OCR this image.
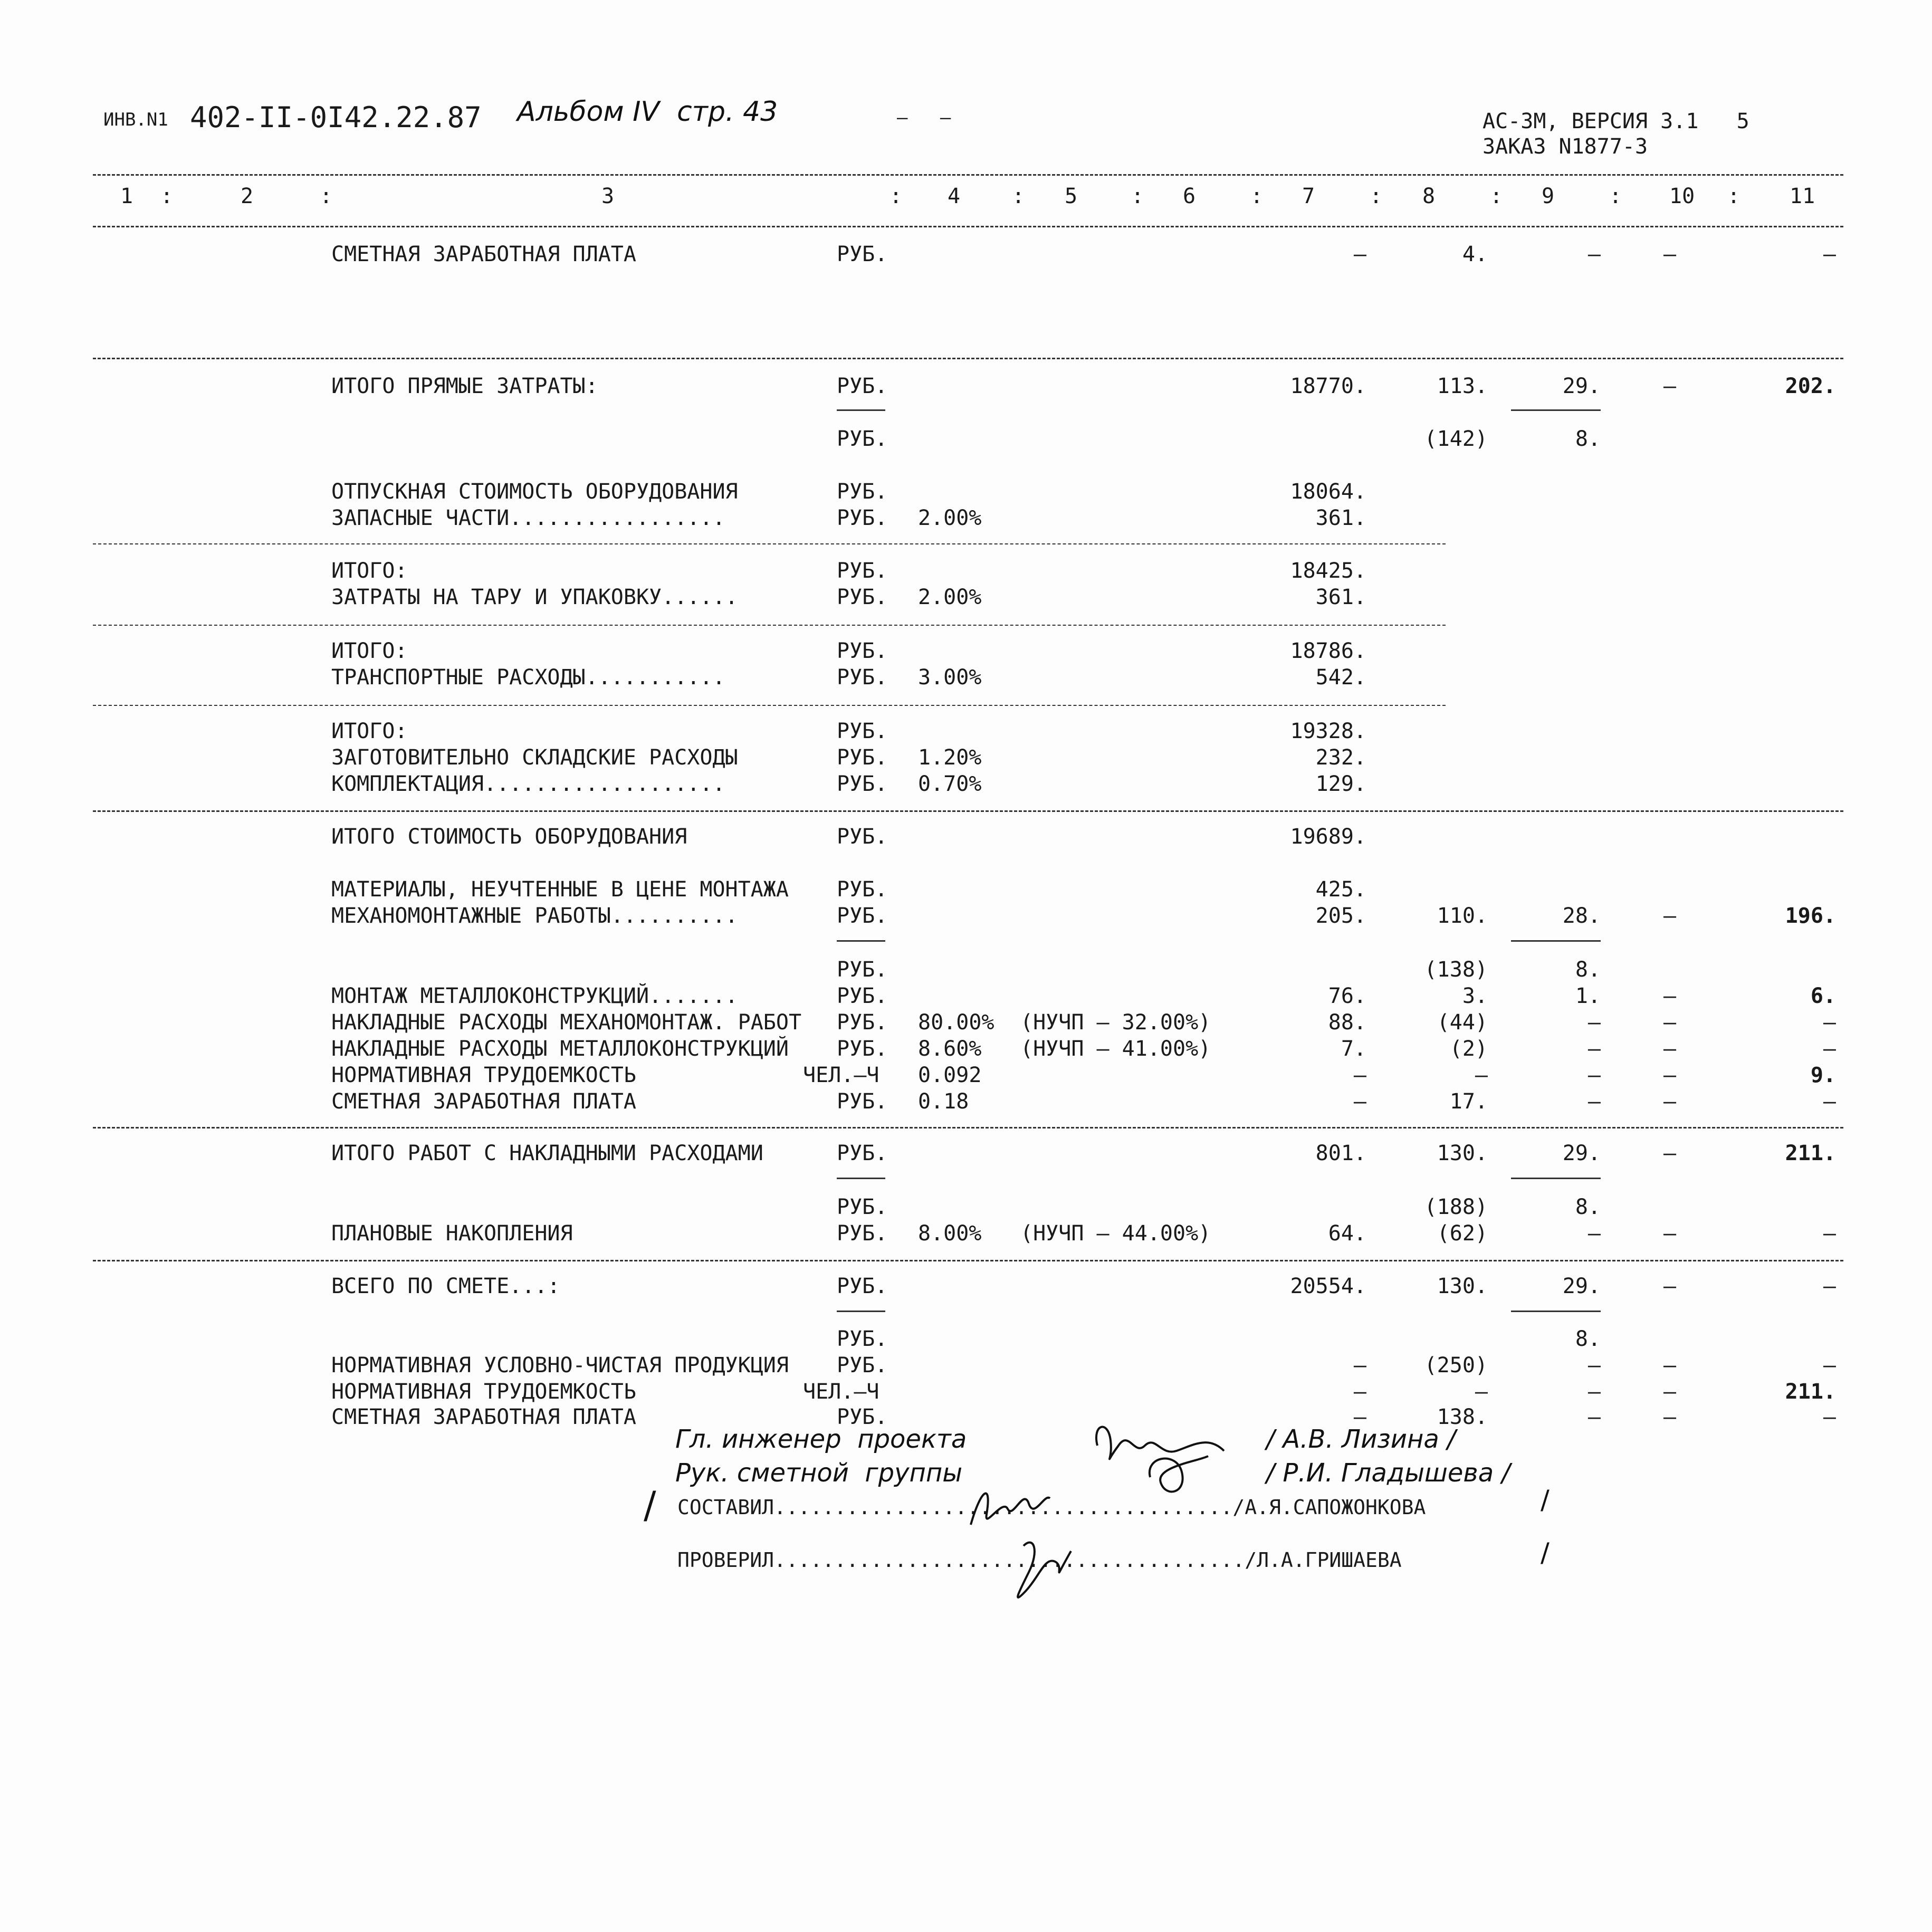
ИНВ.N1 402-II-0I42.22.87 Альбом IV  стр. 43	–   –	АС-3М, ВЕРСИЯ 3.1   5
ЗАКАЗ N1877-3
1 :	2	:	3	: 4 : 5	: 6	: 7	: 8	: 9	: 10 : 11
СМЕТНАЯ ЗАРАБОТНАЯ ПЛАТА	РУБ.	–	4.	–	–	–
ИТОГО ПРЯМЫЕ ЗАТРАТЫ:	РУБ.	18770.	113.	29.	–	202.
РУБ.	(142)	8.
ОТПУСКНАЯ СТОИМОСТЬ ОБОРУДОВАНИЯ	РУБ.	18064.
ЗАПАСНЫЕ ЧАСТИ.................	РУБ.	2.00%	361.
ИТОГО:	РУБ.	18425.
ЗАТРАТЫ НА ТАРУ И УПАКОВКУ......	РУБ.	2.00%	361.
ИТОГО:	РУБ.	18786.
ТРАНСПОРТНЫЕ РАСХОДЫ...........	РУБ.	3.00%	542.
ИТОГО:	РУБ.	19328.
ЗАГОТОВИТЕЛЬНО СКЛАДСКИЕ РАСХОДЫ	РУБ.	1.20%	232.
КОМПЛЕКТАЦИЯ...................	РУБ.	0.70%	129.
ИТОГО СТОИМОСТЬ ОБОРУДОВАНИЯ	РУБ.	19689.
МАТЕРИАЛЫ, НЕУЧТЕННЫЕ В ЦЕНЕ МОНТАЖА	РУБ.	425.
МЕХАНОМОНТАЖНЫЕ РАБОТЫ..........	РУБ.	205.	110.	28.	–	196.
РУБ.	(138)	8.
МОНТАЖ МЕТАЛЛОКОНСТРУКЦИЙ.......	РУБ.	76.	3.	1.	–	6.
НАКЛАДНЫЕ РАСХОДЫ МЕХАНОМОНТАЖ. РАБОТ	РУБ.	80.00%	(НУЧП – 32.00%)	88.	(44)	–	–	–
НАКЛАДНЫЕ РАСХОДЫ МЕТАЛЛОКОНСТРУКЦИЙ	РУБ.	8.60%	(НУЧП – 41.00%)	7.	(2)	–	–	–
НОРМАТИВНАЯ ТРУДОЕМКОСТЬ	ЧЕЛ.–Ч	0.092	–	–	–	–	9.
СМЕТНАЯ ЗАРАБОТНАЯ ПЛАТА	РУБ.	0.18	–	17.	–	–	–
ИТОГО РАБОТ С НАКЛАДНЫМИ РАСХОДАМИ	РУБ.	801.	130.	29.	–	211.
РУБ.	(188)	8.
ПЛАНОВЫЕ НАКОПЛЕНИЯ	РУБ.	8.00%	(НУЧП – 44.00%)	64.	(62)	–	–	–
ВСЕГО ПО СМЕТЕ...:	РУБ.	20554.	130.	29.	–	–
РУБ.	8.
НОРМАТИВНАЯ УСЛОВНО-ЧИСТАЯ ПРОДУКЦИЯ	РУБ.	–	(250)	–	–	–
НОРМАТИВНАЯ ТРУДОЕМКОСТЬ	ЧЕЛ.–Ч	–	–	–	–	211.
СМЕТНАЯ ЗАРАБОТНАЯ ПЛАТА	РУБ.	–	138.	–	–	–
Гл. инженер  проекта	/ А.В. Лизина /
Рук. сметной  группы	/ Р.И. Гладышева /
/ СОСТАВИЛ....................................../А.Я.САПОЖОНКОВА	/
ПРОВЕРИЛ......................................./Л.А.ГРИШАЕВА	/
